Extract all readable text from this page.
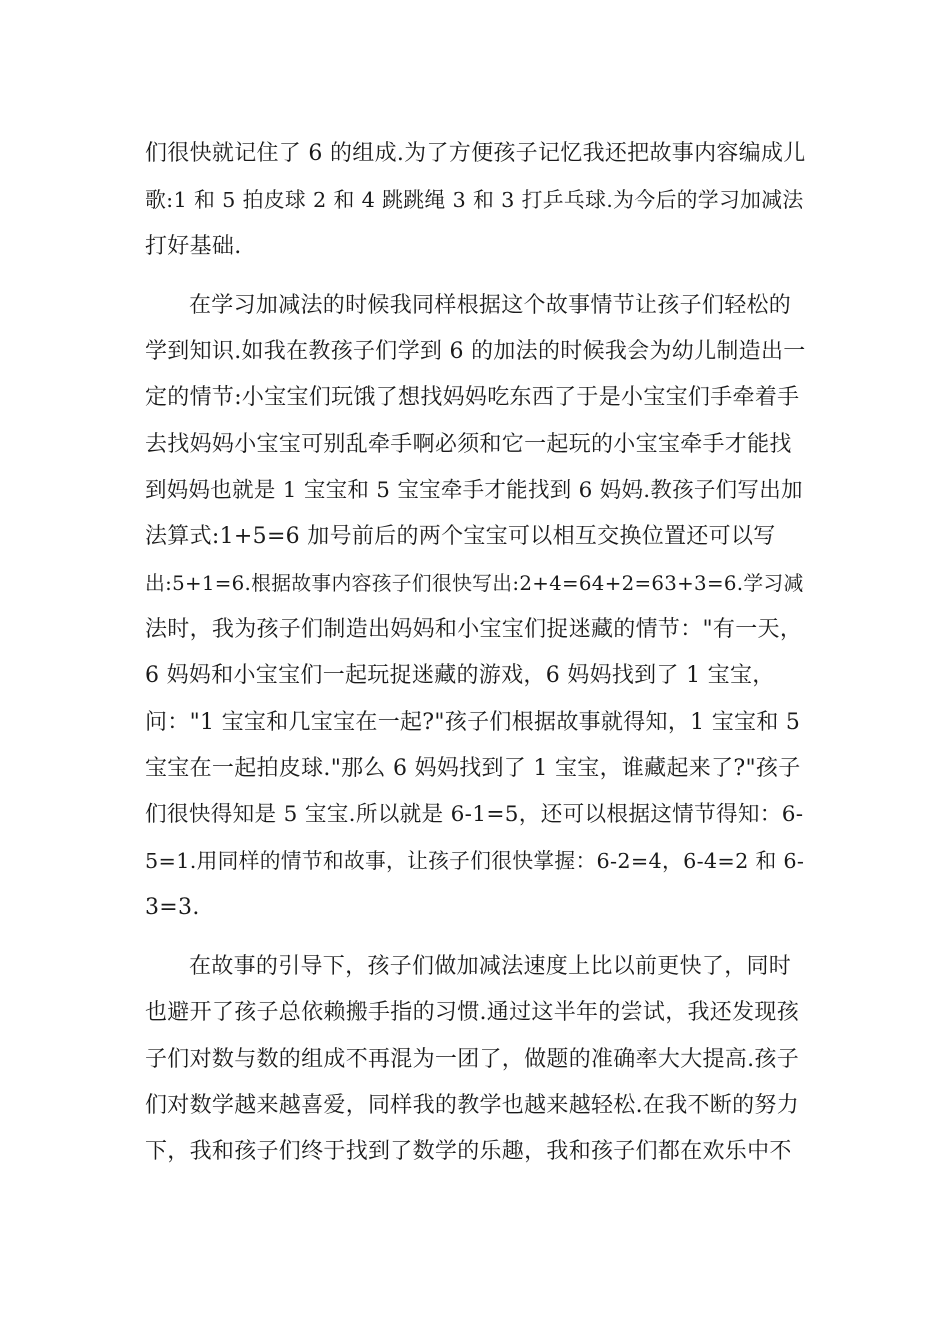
们很快就记住了 6 的组成.为了方便孩子记忆我还把故事内容编成儿
歌:1 和 5 拍皮球 2 和 4 跳跳绳 3 和 3 打乒乓球.为今后的学习加减法
打好基础.
在学习加减法的时候我同样根据这个故事情节让孩子们轻松的
学到知识.如我在教孩子们学到 6 的加法的时候我会为幼儿制造出一
定的情节:小宝宝们玩饿了想找妈妈吃东西了于是小宝宝们手牵着手
去找妈妈小宝宝可别乱牵手啊必须和它一起玩的小宝宝牵手才能找
到妈妈也就是 1 宝宝和 5 宝宝牵手才能找到 6 妈妈.教孩子们写出加
法算式:1+5=6 加号前后的两个宝宝可以相互交换位置还可以写
出:5+1=6.根据故事内容孩子们很快写出:2+4=64+2=63+3=6.学习减
法时，我为孩子们制造出妈妈和小宝宝们捉迷藏的情节："有一天，
6 妈妈和小宝宝们一起玩捉迷藏的游戏，6 妈妈找到了 1 宝宝，
问："1 宝宝和几宝宝在一起?"孩子们根据故事就得知，1 宝宝和 5
宝宝在一起拍皮球."那么 6 妈妈找到了 1 宝宝，谁藏起来了?"孩子
们很快得知是 5 宝宝.所以就是 6-1=5，还可以根据这情节得知：6-
5=1.用同样的情节和故事，让孩子们很快掌握：6-2=4，6-4=2 和 6-
3=3.
在故事的引导下，孩子们做加减法速度上比以前更快了，同时
也避开了孩子总依赖搬手指的习惯.通过这半年的尝试，我还发现孩
子们对数与数的组成不再混为一团了，做题的准确率大大提高.孩子
们对数学越来越喜爱，同样我的教学也越来越轻松.在我不断的努力
下，我和孩子们终于找到了数学的乐趣，我和孩子们都在欢乐中不
